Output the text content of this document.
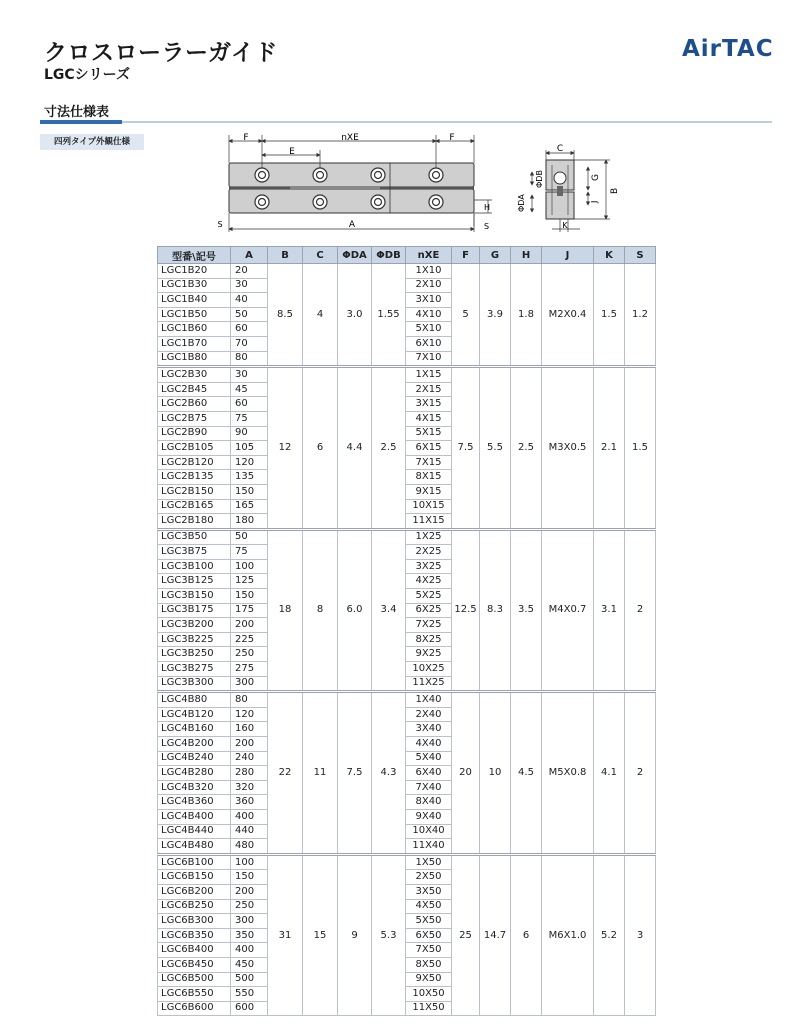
クロスローラーガイド
LGCシリーズ
AirTAC
寸法仕様表
四列タイプ外観仕様	F	nXE	F
E
A
S
H
S
C
G
B
J
ΦDB
ΦDA
K
型番\記号	A	B	C	ΦDA	ΦDB	nXE	F	G	H	J	K	S
LGC1B20	20	8.5	4	3.0	1.55	1X10	5	3.9	1.8	M2X0.4	1.5	1.2
LGC1B30	30					2X10						
LGC1B40	40					3X10						
LGC1B50	50					4X10						
LGC1B60	60					5X10						
LGC1B70	70					6X10						
LGC1B80	80					7X10						
LGC2B30	30	12	6	4.4	2.5	1X15	7.5	5.5	2.5	M3X0.5	2.1	1.5
LGC2B45	45					2X15						
LGC2B60	60					3X15						
LGC2B75	75					4X15						
LGC2B90	90					5X15						
LGC2B105	105					6X15						
LGC2B120	120					7X15						
LGC2B135	135					8X15						
LGC2B150	150					9X15						
LGC2B165	165					10X15						
LGC2B180	180					11X15						
LGC3B50	50	18	8	6.0	3.4	1X25	12.5	8.3	3.5	M4X0.7	3.1	2
LGC3B75	75					2X25						
LGC3B100	100					3X25						
LGC3B125	125					4X25						
LGC3B150	150					5X25						
LGC3B175	175					6X25						
LGC3B200	200					7X25						
LGC3B225	225					8X25						
LGC3B250	250					9X25						
LGC3B275	275					10X25						
LGC3B300	300					11X25						
LGC4B80	80	22	11	7.5	4.3	1X40	20	10	4.5	M5X0.8	4.1	2
LGC4B120	120					2X40						
LGC4B160	160					3X40						
LGC4B200	200					4X40						
LGC4B240	240					5X40						
LGC4B280	280					6X40						
LGC4B320	320					7X40						
LGC4B360	360					8X40						
LGC4B400	400					9X40						
LGC4B440	440					10X40						
LGC4B480	480					11X40						
LGC6B100	100	31	15	9	5.3	1X50	25	14.7	6	M6X1.0	5.2	3
LGC6B150	150					2X50						
LGC6B200	200					3X50						
LGC6B250	250					4X50						
LGC6B300	300					5X50						
LGC6B350	350					6X50						
LGC6B400	400					7X50						
LGC6B450	450					8X50						
LGC6B500	500					9X50						
LGC6B550	550					10X50						
LGC6B600	600					11X50						
